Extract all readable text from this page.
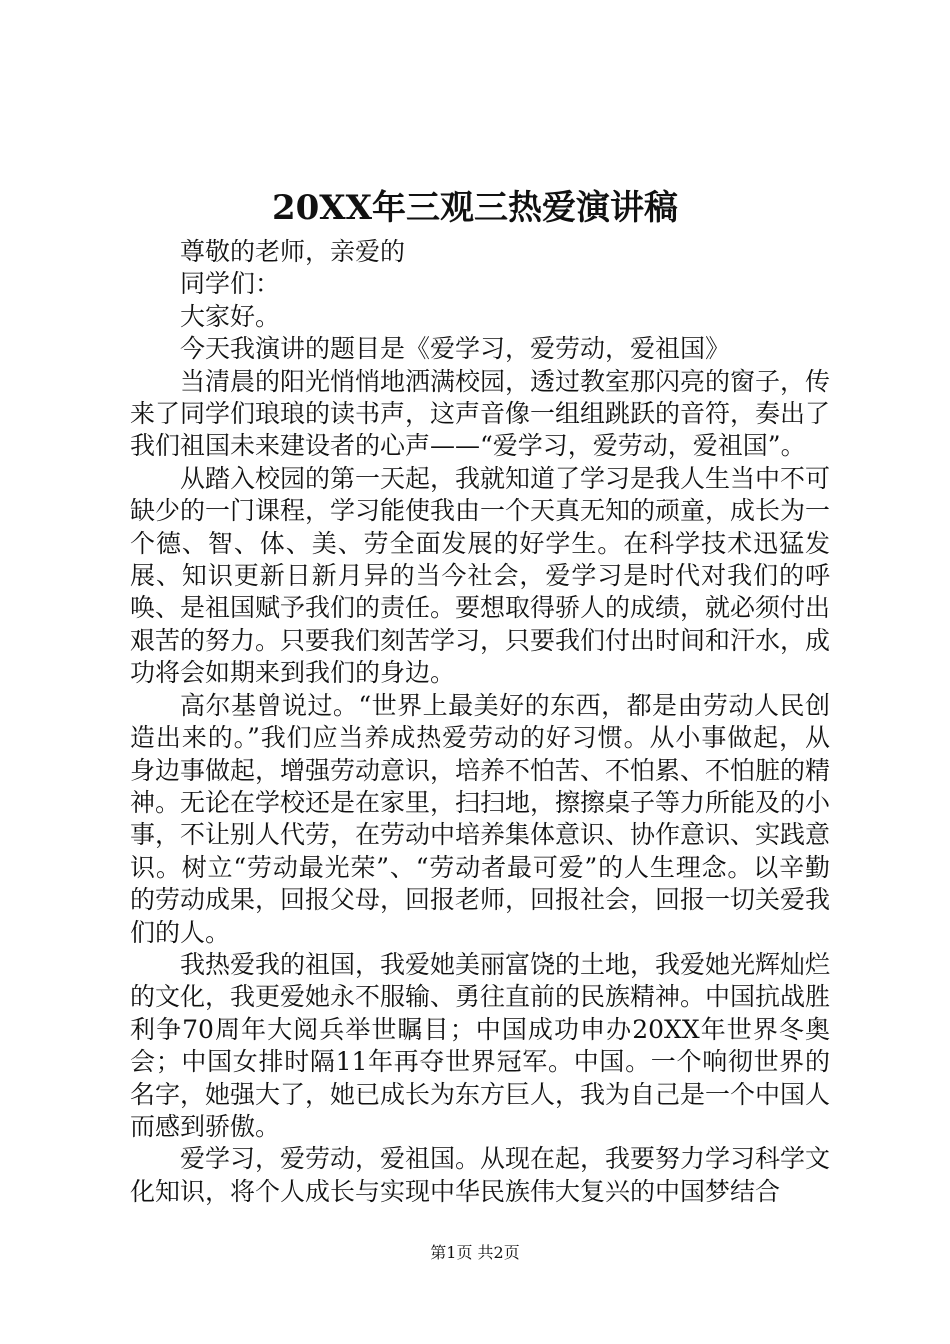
20XX年三观三热爱演讲稿

尊敬的老师，亲爱的

同学们：

大家好。

今天我演讲的题目是《爱学习，爱劳动，爱祖国》

当清晨的阳光悄悄地洒满校园，透过教室那闪亮的窗子，传来了同学们琅琅的读书声，这声音像一组组跳跃的音符，奏出了我们祖国未来建设者的心声——“爱学习，爱劳动，爱祖国”。

从踏入校园的第一天起，我就知道了学习是我人生当中不可缺少的一门课程，学习能使我由一个天真无知的顽童，成长为一个德、智、体、美、劳全面发展的好学生。在科学技术迅猛发展、知识更新日新月异的当今社会，爱学习是时代对我们的呼唤、是祖国赋予我们的责任。要想取得骄人的成绩，就必须付出艰苦的努力。只要我们刻苦学习，只要我们付出时间和汗水，成功将会如期来到我们的身边。

高尔基曾说过。“世界上最美好的东西，都是由劳动人民创造出来的。”我们应当养成热爱劳动的好习惯。从小事做起，从身边事做起，增强劳动意识，培养不怕苦、不怕累、不怕脏的精神。无论在学校还是在家里，扫扫地，擦擦桌子等力所能及的小事，不让别人代劳，在劳动中培养集体意识、协作意识、实践意识。树立“劳动最光荣”、“劳动者最可爱”的人生理念。以辛勤的劳动成果，回报父母，回报老师，回报社会，回报一切关爱我们的人。

我热爱我的祖国，我爱她美丽富饶的土地，我爱她光辉灿烂的文化，我更爱她永不服输、勇往直前的民族精神。中国抗战胜利争70周年大阅兵举世瞩目；中国成功申办20XX年世界冬奥会；中国女排时隔11年再夺世界冠军。中国。一个响彻世界的名字，她强大了，她已成长为东方巨人，我为自己是一个中国人而感到骄傲。

爱学习，爱劳动，爱祖国。从现在起，我要努力学习科学文化知识，将个人成长与实现中华民族伟大复兴的中国梦结合

第1页 共2页
